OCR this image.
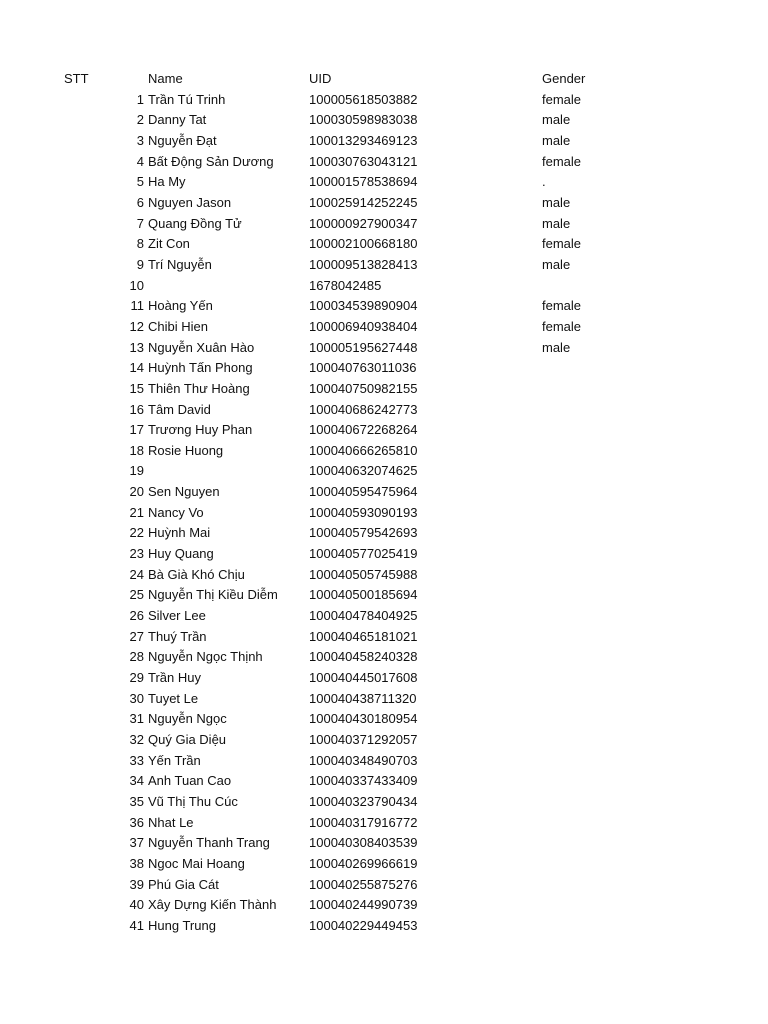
STT	Name	UID	Gender
1 Trần Tú Trinh	100005618503882	female
2 Danny Tat	100030598983038	male
3 Nguyễn Đạt	100013293469123	male
4 Bất Động Sản Dương	100030763043121	female
5 Ha My	100001578538694	.
6 Nguyen Jason	100025914252245	male
7 Quang Đồng Tử	100000927900347	male
8 Zit Con	100002100668180	female
9 Trí Nguyễn	100009513828413	male
10	1678042485
11 Hoàng Yến	100034539890904	female
12 Chibi Hien	100006940938404	female
13 Nguyễn Xuân Hào	100005195627448	male
14 Huỳnh Tấn Phong	100040763011036
15 Thiên Thư Hoàng	100040750982155
16 Tâm David	100040686242773
17 Trương Huy Phan	100040672268264
18 Rosie Huong	100040666265810
19	100040632074625
20 Sen Nguyen	100040595475964
21 Nancy Vo	100040593090193
22 Huỳnh Mai	100040579542693
23 Huy Quang	100040577025419
24 Bà Già Khó Chịu	100040505745988
25 Nguyễn Thị Kiều Diễm 100040500185694
26 Silver Lee	100040478404925
27 Thuý Trần	100040465181021
28 Nguyễn Ngọc Thịnh	100040458240328
29 Trần Huy	100040445017608
30 Tuyet Le	100040438711320
31 Nguyễn Ngọc	100040430180954
32 Quý Gia Diệu	100040371292057
33 Yến Trần	100040348490703
34 Anh Tuan Cao	100040337433409
35 Vũ Thị Thu Cúc	100040323790434
36 Nhat Le	100040317916772
37 Nguyễn Thanh Trang	100040308403539
38 Ngoc Mai Hoang	100040269966619
39 Phú Gia Cát	100040255875276
40 Xây Dựng Kiến Thành	100040244990739
41 Hung Trung	100040229449453
